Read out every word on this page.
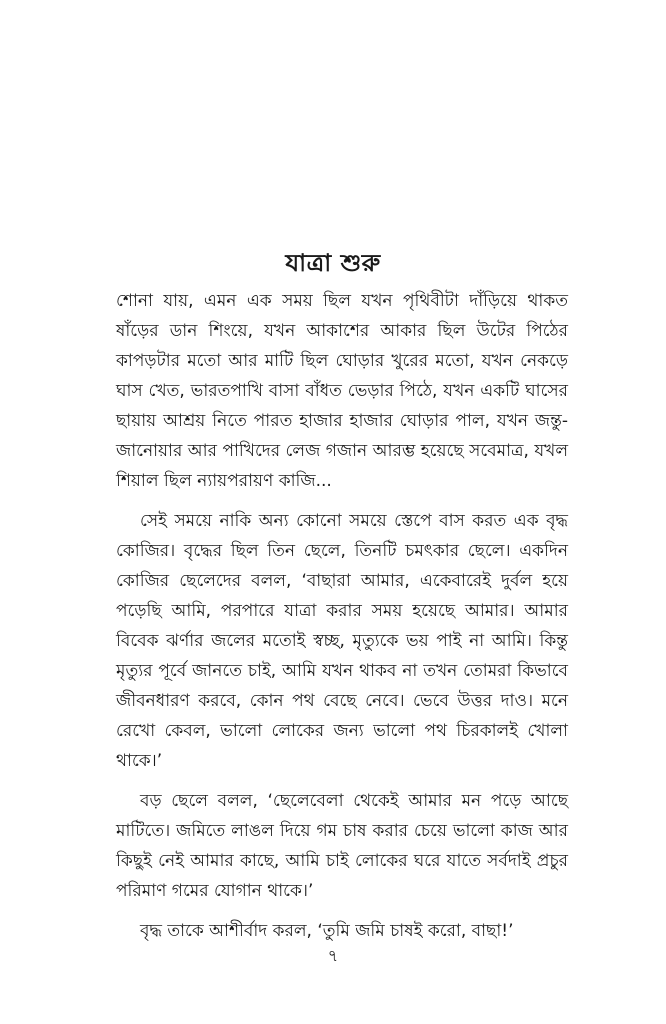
যাত্রা শুরু

শোনা যায়, এমন এক সময় ছিল যখন পৃথিবীটা দাঁড়িয়ে থাকত ষাঁড়ের ডান শিংয়ে, যখন আকাশের আকার ছিল উটের পিঠের কাপড়টার মতো আর মাটি ছিল ঘোড়ার খুরের মতো, যখন নেকড়ে ঘাস খেত, ভারতপাখি বাসা বাঁধত ভেড়ার পিঠে, যখন একটি ঘাসের ছায়ায় আশ্রয় নিতে পারত হাজার হাজার ঘোড়ার পাল, যখন জন্তু-জানোয়ার আর পাখিদের লেজ গজান আরম্ভ হয়েছে সবেমাত্র, যখল শিয়াল ছিল ন্যায়পরায়ণ কাজি...

সেই সময়ে নাকি অন্য কোনো সময়ে স্তেপে বাস করত এক বৃদ্ধ কোজির। বৃদ্ধের ছিল তিন ছেলে, তিনটি চমৎকার ছেলে। একদিন কোজির ছেলেদের বলল, ‘বাছারা আমার, একেবারেই দুর্বল হয়ে পড়েছি আমি, পরপারে যাত্রা করার সময় হয়েছে আমার। আমার বিবেক ঝর্ণার জলের মতোই স্বচ্ছ, মৃত্যুকে ভয় পাই না আমি। কিন্তু মৃত্যুর পূর্বে জানতে চাই, আমি যখন থাকব না তখন তোমরা কিভাবে জীবনধারণ করবে, কোন পথ বেছে নেবে। ভেবে উত্তর দাও। মনে রেখো কেবল, ভালো লোকের জন্য ভালো পথ চিরকালই খোলা থাকে।’

বড় ছেলে বলল, ‘ছেলেবেলা থেকেই আমার মন পড়ে আছে মাটিতে। জমিতে লাঙল দিয়ে গম চাষ করার চেয়ে ভালো কাজ আর কিছুই নেই আমার কাছে, আমি চাই লোকের ঘরে যাতে সর্বদাই প্রচুর পরিমাণ গমের যোগান থাকে।’

বৃদ্ধ তাকে আশীর্বাদ করল, ‘তুমি জমি চাষই করো, বাছা!’

৭
